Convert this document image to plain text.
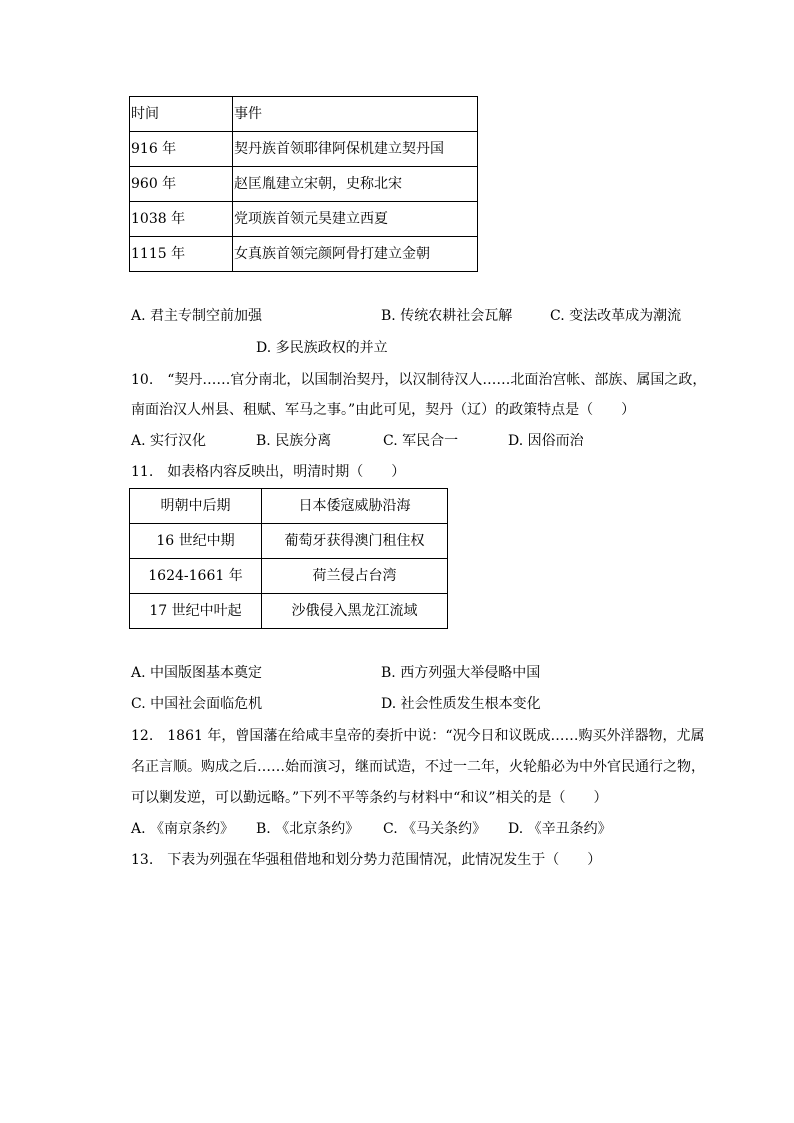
时间	事件
916 年	契丹族首领耶律阿保机建立契丹国
960 年	赵匡胤建立宋朝，史称北宋
1038 年	党项族首领元昊建立西夏
1115 年	女真族首领完颜阿骨打建立金朝
A. 君主专制空前加强	B. 传统农耕社会瓦解	C. 变法改革成为潮流
D. 多民族政权的并立
10.　“契丹……官分南北，以国制治契丹，以汉制待汉人……北面治宫帐、部族、属国之政，
南面治汉人州县、租赋、军马之事。”由此可见，契丹（辽）的政策特点是（　　）
A. 实行汉化	B. 民族分离	C. 军民合一	D. 因俗而治
11.　如表格内容反映出，明清时期（　　）
明朝中后期	日本倭寇威胁沿海
16 世纪中期	葡萄牙获得澳门租住权
1624-1661 年	荷兰侵占台湾
17 世纪中叶起	沙俄侵入黑龙江流域
A. 中国版图基本奠定	B. 西方列强大举侵略中国
C. 中国社会面临危机	D. 社会性质发生根本变化
12.　1861 年，曾国藩在给咸丰皇帝的奏折中说：“况今日和议既成……购买外洋器物，尤属
名正言顺。购成之后……始而演习，继而试造，不过一二年，火轮船必为中外官民通行之物，
可以剿发逆，可以勤远略。”下列不平等条约与材料中“和议”相关的是（　　）
A. 《南京条约》 B. 《北京条约》 C. 《马关条约》 D. 《辛丑条约》
13.　下表为列强在华强租借地和划分势力范围情况，此情况发生于（　　）
